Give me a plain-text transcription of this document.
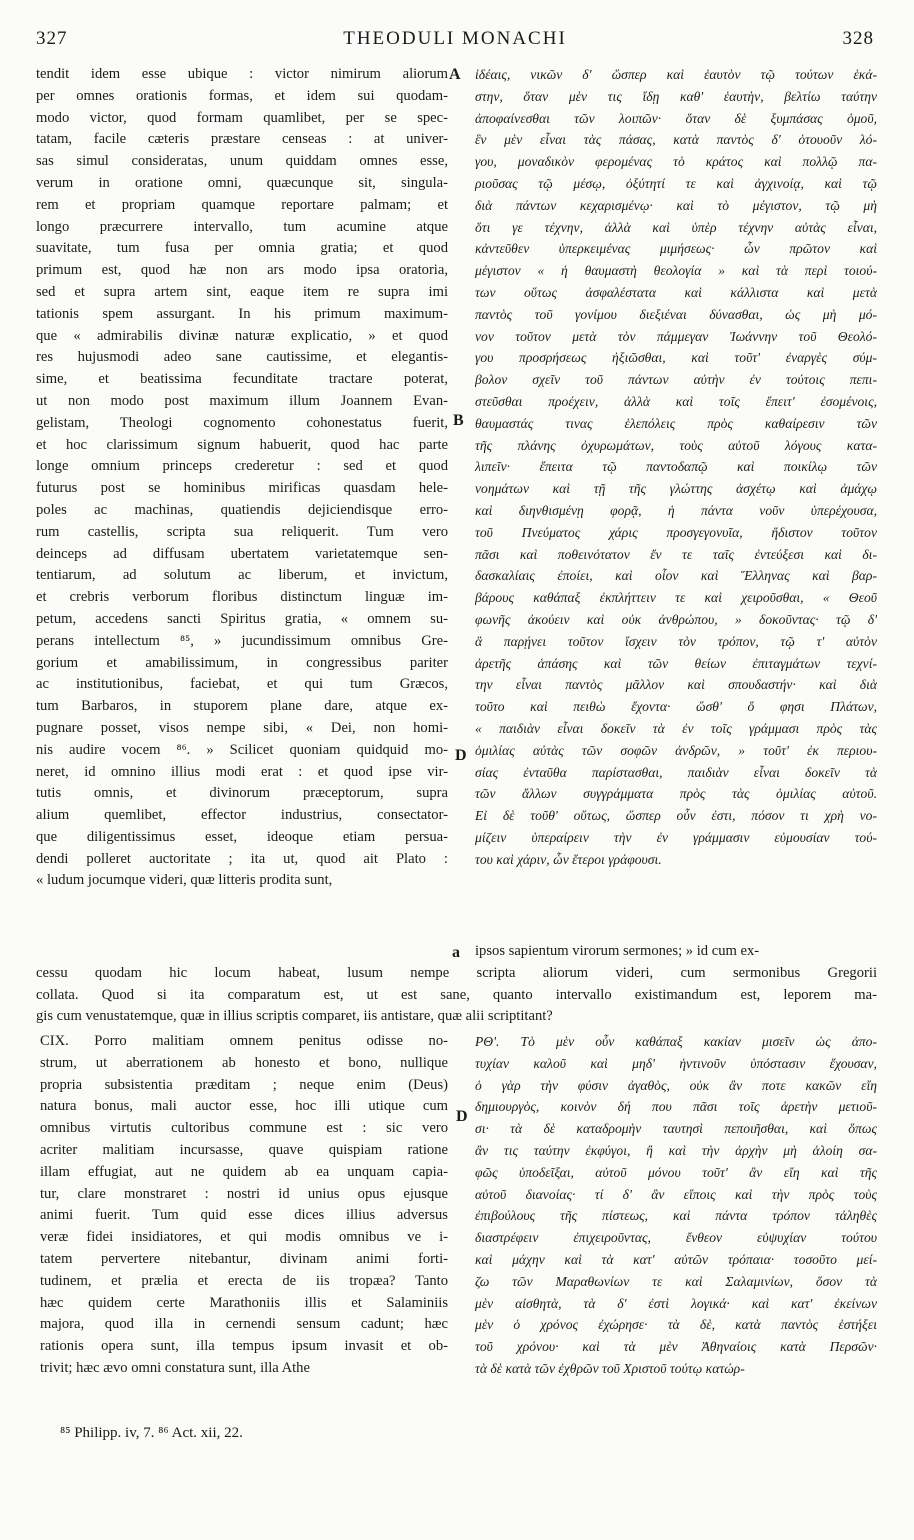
327	THEODULI MONACHI	328
A
B
D
a
D
tendit idem esse ubique : victor nimirum aliorum
per omnes orationis formas, et idem sui quodam-
modo victor, quod formam quamlibet, per se spec-
tatam, facile cæteris præstare censeas : at univer-
sas simul consideratas, unum quiddam omnes esse,
verum in oratione omni, quæcunque sit, singula-
rem et propriam quamque reportare palmam; et
longo præcurrere intervallo, tum acumine atque
suavitate, tum fusa per omnia gratia; et quod
primum est, quod hæ non ars modo ipsa oratoria,
sed et supra artem sint, eaque item re supra imi
tationis spem assurgant. In his primum maximum-
que « admirabilis divinæ naturæ explicatio, » et quod
res hujusmodi adeo sane cautissime, et elegantis-
sime, et beatissima fecunditate tractare poterat,
ut non modo post maximum illum Joannem Evan-
gelistam, Theologi cognomento cohonestatus fuerit,
et hoc clarissimum signum habuerit, quod hac parte
longe omnium princeps crederetur : sed et quod
futurus post se hominibus mirificas quasdam hele-
poles ac machinas, quatiendis dejiciendisque erro-
rum castellis, scripta sua reliquerit. Tum vero
deinceps ad diffusam ubertatem varietatemque sen-
tentiarum, ad solutum ac liberum, et invictum,
et crebris verborum floribus distinctum linguæ im-
petum, accedens sancti Spiritus gratia, « omnem su-
perans intellectum ⁸⁵, » jucundissimum omnibus Gre-
gorium et amabilissimum, in congressibus pariter
ac institutionibus, faciebat, et qui tum Græcos,
tum Barbaros, in stuporem plane dare, atque ex-
pugnare posset, visos nempe sibi, « Dei, non homi-
nis audire vocem ⁸⁶. » Scilicet quoniam quidquid mo-
neret, id omnino illius modi erat : et quod ipse vir-
tutis omnis, et divinorum præceptorum, supra
alium quemlibet, effector industrius, consectator-
que diligentissimus esset, ideoque etiam persua-
dendi polleret auctoritate ; ita ut, quod ait Plato :
« ludum jocumque videri, quæ litteris prodita sunt,
ἰδέαις, νικῶν δ' ὥσπερ καὶ ἑαυτὸν τῷ τούτων ἑκά-
στην, ὅταν μὲν τις ἴδῃ καθ' ἑαυτὴν, βελτίω ταύτην
ἀποφαίνεσθαι τῶν λοιπῶν· ὅταν δὲ ξυμπάσας ὁμοῦ,
ἓν μὲν εἶναι τὰς πάσας, κατὰ παντὸς δ' ὁτουοῦν λό-
γου, μοναδικὸν φερομένας τὸ κράτος καὶ πολλῷ πα-
ριοῦσας τῷ μέσῳ, ὀξύτητί τε καὶ ἀγχινοίᾳ, καὶ τῷ
διὰ πάντων κεχαρισμένῳ· καὶ τὸ μέγιστον, τῷ μὴ
ὅτι γε τέχνην, ἀλλὰ καὶ ὑπὲρ τέχνην αὐτὰς εἶναι,
κἀντεῦθεν ὑπερκειμένας μιμήσεως· ὧν πρῶτον καὶ
μέγιστον « ἡ θαυμαστὴ θεολογία » καὶ τὰ περὶ τοιού-
των οὕτως ἀσφαλέστατα καὶ κάλλιστα καὶ μετὰ
παντὸς τοῦ γονίμου διεξιέναι δύνασθαι, ὡς μὴ μό-
νον τοῦτον μετὰ τὸν πάμμεγαν Ἰωάννην τοῦ Θεολό-
γου προσρήσεως ἠξιῶσθαι, καὶ τοῦτ' ἐναργὲς σύμ-
βολον σχεῖν τοῦ πάντων αὐτὴν ἐν τούτοις πεπι-
στεῦσθαι προέχειν, ἀλλὰ καὶ τοῖς ἔπειτ' ἐσομένοις,
θαυμαστάς τινας ἑλεπόλεις πρὸς καθαίρεσιν τῶν
τῆς πλάνης ὀχυρωμάτων, τοὺς αὐτοῦ λόγους κατα-
λιπεῖν· ἔπειτα τῷ παντοδαπῷ καὶ ποικίλῳ τῶν
νοημάτων καὶ τῇ τῆς γλώττης ἀσχέτῳ καὶ ἀμάχῳ
καὶ διηνθισμένῃ φορᾷ, ἡ πάντα νοῦν ὑπερέχουσα,
τοῦ Πνεύματος χάρις προσγεγονυῖα, ἥδιστον τοῦτον
πᾶσι καὶ ποθεινότατον ἔν τε ταῖς ἐντεύξεσι καὶ δι-
δασκαλίαις ἐποίει, καὶ οἷον καὶ Ἕλληνας καὶ βαρ-
βάρους καθάπαξ ἐκπλήττειν τε καὶ χειροῦσθαι, « Θεοῦ
φωνῆς ἀκούειν καὶ οὐκ ἀνθρώπου, » δοκοῦντας· τῷ δ'
ἃ παρῄνει τοῦτον ἴσχειν τὸν τρόπον, τῷ τ' αὐτὸν
ἀρετῆς ἁπάσης καὶ τῶν θείων ἐπιταγμάτων τεχνί-
την εἶναι παντὸς μᾶλλον καὶ σπουδαστήν· καὶ διὰ
τοῦτο καὶ πειθὼ ἔχοντα· ὥσθ' ὅ φησι Πλάτων,
« παιδιὰν εἶναι δοκεῖν τὰ ἐν τοῖς γράμμασι πρὸς τὰς
ὁμιλίας αὐτὰς τῶν σοφῶν ἀνδρῶν, » τοῦτ' ἐκ περιου-
σίας ἐνταῦθα παρίστασθαι, παιδιὰν εἶναι δοκεῖν τὰ
τῶν ἄλλων συγγράμματα πρὸς τὰς ὁμιλίας αὐτοῦ.
Εἰ δὲ τοῦθ' οὕτως, ὥσπερ οὖν ἐστι, πόσον τι χρὴ νο-
μίζειν ὑπεραίρειν τὴν ἐν γράμμασιν εὐμουσίαν τού-
του καὶ χάριν, ὧν ἕτεροι γράφουσι.
ipsos sapientum virorum sermones; » id cum ex-
cessu quodam hic locum habeat, lusum nempe scripta aliorum videri, cum sermonibus Gregorii
collata. Quod si ita comparatum est, ut est sane, quanto intervallo existimandum est, leporem ma-
gis cum venustatemque, quæ in illius scriptis comparet, iis antistare, quæ alii scriptitant?
CIX. Porro malitiam omnem penitus odisse no-
strum, ut aberrationem ab honesto et bono, nullique
propria subsistentia præditam ; neque enim (Deus)
natura bonus, mali auctor esse, hoc illi utique cum
omnibus virtutis cultoribus commune est : sic vero
acriter malitiam incursasse, quave quispiam ratione
illam effugiat, aut ne quidem ab ea unquam capia-
tur, clare monstraret : nostri id unius opus ejusque
animi fuerit. Tum quid esse dices illius adversus
veræ fidei insidiatores, et qui modis omnibus ve i-
tatem pervertere nitebantur, divinam animi forti-
tudinem, et prælia et erecta de iis tropæa? Tanto
hæc quidem certe Marathoniis illis et Salaminiis
majora, quod illa in cernendi sensum cadunt; hæc
rationis opera sunt, illa tempus ipsum invasit et ob-
trivit; hæc ævo omni constatura sunt, illa Athe
ΡΘ'. Τὸ μὲν οὖν καθάπαξ κακίαν μισεῖν ὡς ἀπο-
τυχίαν καλοῦ καὶ μηδ' ἡντινοῦν ὑπόστασιν ἔχουσαν,
ὁ γὰρ τὴν φύσιν ἀγαθὸς, οὐκ ἂν ποτε κακῶν εἴη
δημιουργὸς, κοινὸν δή που πᾶσι τοῖς ἀρετὴν μετιοῦ-
σι· τὰ δὲ καταδρομὴν ταυτησὶ πεποιῆσθαι, καὶ ὅπως
ἂν τις ταύτην ἐκφύγοι, ἢ καὶ τὴν ἀρχὴν μὴ ἁλοίη σα-
φῶς ὑποδεῖξαι, αὐτοῦ μόνου τοῦτ' ἂν εἴη καὶ τῆς
αὐτοῦ διανοίας· τί δ' ἂν εἴποις καὶ τὴν πρὸς τοὺς
ἐπιβούλους τῆς πίστεως, καὶ πάντα τρόπον τἀληθὲς
διαστρέφειν ἐπιχειροῦντας, ἔνθεον εὐψυχίαν τούτου
καὶ μάχην καὶ τὰ κατ' αὐτῶν τρόπαια· τοσοῦτο μεί-
ζω τῶν Μαραθωνίων τε καὶ Σαλαμινίων, ὅσον τὰ
μὲν αἰσθητὰ, τὰ δ' ἐστὶ λογικά· καὶ κατ' ἐκείνων
μὲν ὁ χρόνος ἐχώρησε· τὰ δὲ, κατὰ παντὸς ἑστήξει
τοῦ χρόνου· καὶ τὰ μὲν Ἀθηναίοις κατὰ Περσῶν·
τὰ δὲ κατὰ τῶν ἐχθρῶν τοῦ Χριστοῦ τούτῳ κατώρ-
⁸⁵ Philipp. iv, 7. ⁸⁶ Act. xii, 22.
